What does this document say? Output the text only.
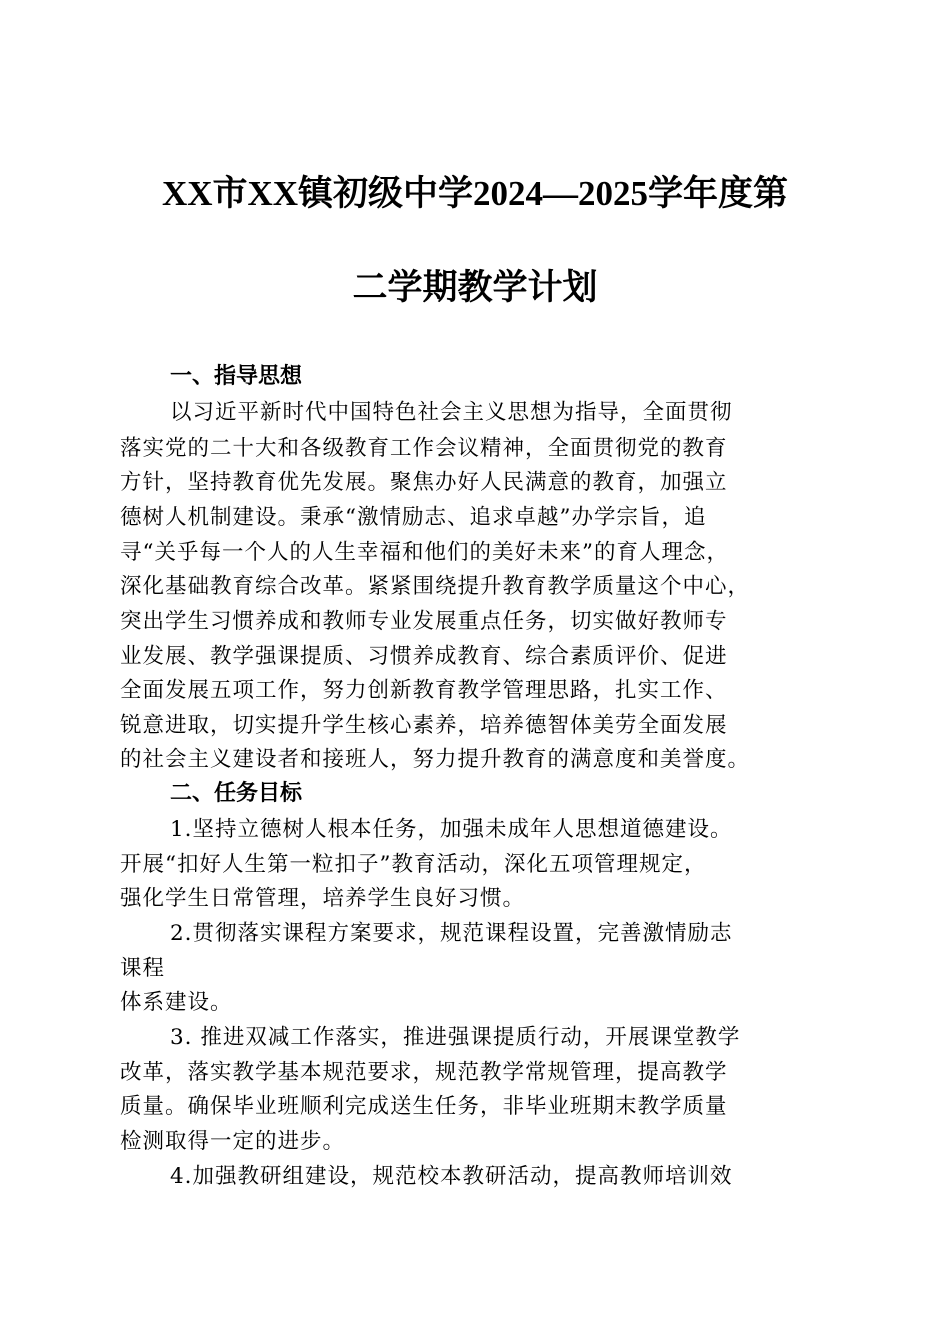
XX市XX镇初级中学2024—2025学年度第
二学期教学计划
一、指导思想
以习近平新时代中国特色社会主义思想为指导，全面贯彻
落实党的二十大和各级教育工作会议精神，全面贯彻党的教育
方针，坚持教育优先发展。聚焦办好人民满意的教育，加强立
德树人机制建设。秉承“激情励志、追求卓越”办学宗旨，追
寻“关乎每一个人的人生幸福和他们的美好未来”的育人理念，
深化基础教育综合改革。紧紧围绕提升教育教学质量这个中心，
突出学生习惯养成和教师专业发展重点任务，切实做好教师专
业发展、教学强课提质、习惯养成教育、综合素质评价、促进
全面发展五项工作，努力创新教育教学管理思路，扎实工作、
锐意进取，切实提升学生核心素养，培养德智体美劳全面发展
的社会主义建设者和接班人，努力提升教育的满意度和美誉度。
二、任务目标
1.坚持立德树人根本任务，加强未成年人思想道德建设。
开展“扣好人生第一粒扣子”教育活动，深化五项管理规定，
强化学生日常管理，培养学生良好习惯。
2.贯彻落实课程方案要求，规范课程设置，完善激情励志
课程
体系建设。
3. 推进双减工作落实，推进强课提质行动，开展课堂教学
改革，落实教学基本规范要求，规范教学常规管理，提高教学
质量。确保毕业班顺利完成送生任务，非毕业班期末教学质量
检测取得一定的进步。
4.加强教研组建设，规范校本教研活动，提高教师培训效
